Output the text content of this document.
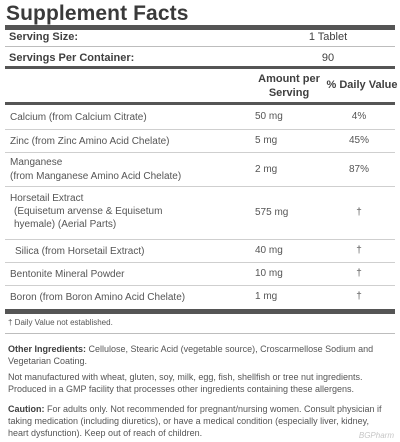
Supplement Facts
Serving Size:	1 Tablet
Servings Per Container:	90
Amount per
Serving
% Daily Value
Calcium (from Calcium Citrate)	50 mg	4%
Zinc (from Zinc Amino Acid Chelate)	5 mg	45%
Manganese
(from Manganese Amino Acid Chelate)
2 mg	87%
Horsetail Extract
(Equisetum arvense & Equisetum
hyemale) (Aerial Parts)
575 mg	†
Silica (from Horsetail Extract)	40 mg	†
Bentonite Mineral Powder	10 mg	†
Boron (from Boron Amino Acid Chelate)	1 mg	†
† Daily Value not established.

Other Ingredients: Cellulose, Stearic Acid (vegetable source), Croscarmellose Sodium and Vegetarian Coating.

Not manufactured with wheat, gluten, soy, milk, egg, fish, shellfish or tree nut ingredients. Produced in a GMP facility that processes other ingredients containing these allergens.

Caution: For adults only. Not recommended for pregnant/nursing women. Consult physician if taking medication (including diuretics), or have a medical condition (especially liver, kidney, heart dysfunction). Keep out of reach of children.	BGPharm
